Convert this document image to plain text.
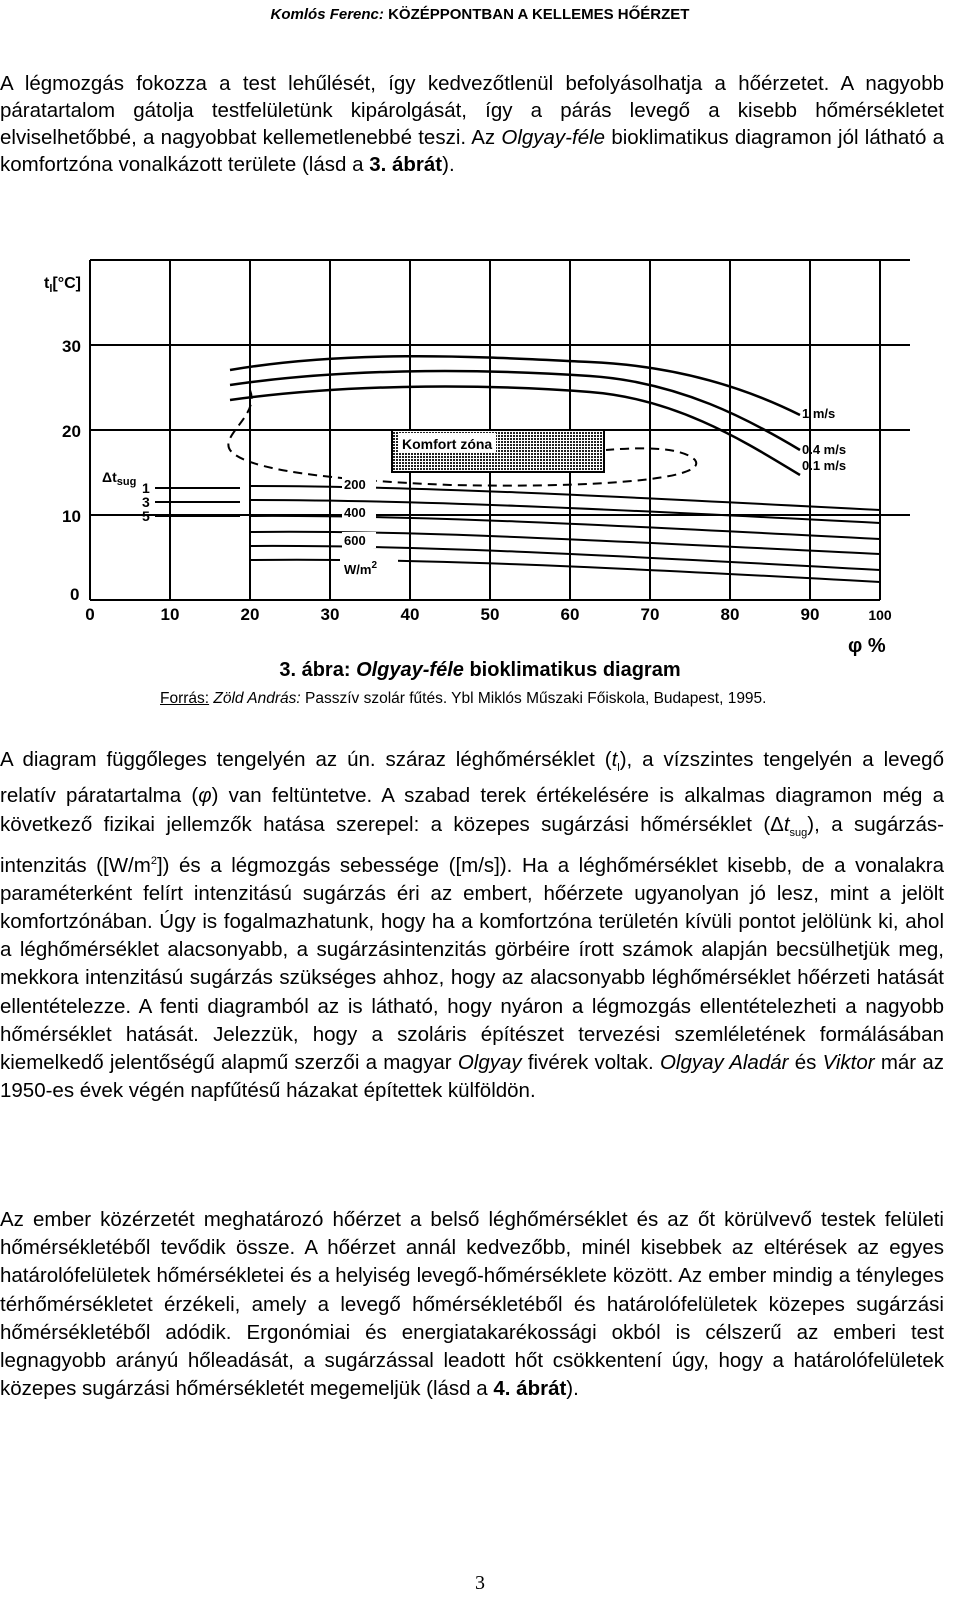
Komlós Ferenc: KÖZÉPPONTBAN A KELLEMES HŐÉRZET
A légmozgás fokozza a test lehűlését, így kedvezőtlenül befolyásolhatja a hőérzetet. A nagyobb páratartalom gátolja testfelületünk kipárolgását, így a párás levegő a kisebb hőmérsékletet elviselhetőbbé, a nagyobbat kellemetlenebbé teszi. Az Olgyay-féle bioklimatikus diagramon jól látható a komfortzóna vonalkázott területe (lásd a 3. ábrát).
Komfort zóna
30
20
10
0
$t_l[^\circ C]$
0	10	20	30	40	50	60	70	80	90	100
φ %
$\Delta t_{sug}$ 1
3
5
200
400
600
$W/m^2$
1 m/s
0.4 m/s
0.1 m/s
3. ábra: Olgyay-féle bioklimatikus diagram
Forrás: Zöld András: Passzív szolár fűtés. Ybl Miklós Műszaki Főiskola, Budapest, 1995.
A diagram függőleges tengelyén az ún. száraz léghőmérséklet $(t_l)$, a vízszintes tengelyén a levegő relatív páratartalma (φ) van feltüntetve. A szabad terek értékelésére is alkalmas diagramon még a következő fizikai jellemzők hatása szerepel: a közepes sugárzási hőmérséklet $(\Delta t_{sug})$, a sugárzás-intenzitás $([W/m^2])$ és a légmozgás sebessége ([m/s]). Ha a léghőmérséklet kisebb, de a vonalakra paraméterként felírt intenzitású sugárzás éri az embert, hőérzete ugyanolyan jó lesz, mint a jelölt komfortzónában. Úgy is fogalmazhatunk, hogy ha a komfortzóna területén kívüli pontot jelölünk ki, ahol a léghőmérséklet alacsonyabb, a sugárzásintenzitás görbéire írott számok alapján becsülhetjük meg, mekkora intenzitású sugárzás szükséges ahhoz, hogy az alacsonyabb léghőmérséklet hőérzeti hatását ellentételezze. A fenti diagramból az is látható, hogy nyáron a légmozgás ellentételezheti a nagyobb hőmérséklet hatását. Jelezzük, hogy a szoláris építészet tervezési szemléletének formálásában kiemelkedő jelentőségű alapmű szerzői a magyar Olgyay fivérek voltak. Olgyay Aladár és Viktor már az 1950-es évek végén napfűtésű házakat építettek külföldön.
Az ember közérzetét meghatározó hőérzet a belső léghőmérséklet és az őt körülvevő testek felületi hőmérsékletéből tevődik össze. A hőérzet annál kedvezőbb, minél kisebbek az eltérések az egyes határolófelületek hőmérsékletei és a helyiség levegő-hőmérséklete között. Az ember mindig a tényleges térhőmérsékletet érzékeli, amely a levegő hőmérsékletéből és határolófelületek közepes sugárzási hőmérsékletéből adódik. Ergonómiai és energiatakarékossági okból is célszerű az emberi test legnagyobb arányú hőleadását, a sugárzással leadott hőt csökkentení úgy, hogy a határolófelületek közepes sugárzási hőmérsékletét megemeljük (lásd a 4. ábrát).
3
